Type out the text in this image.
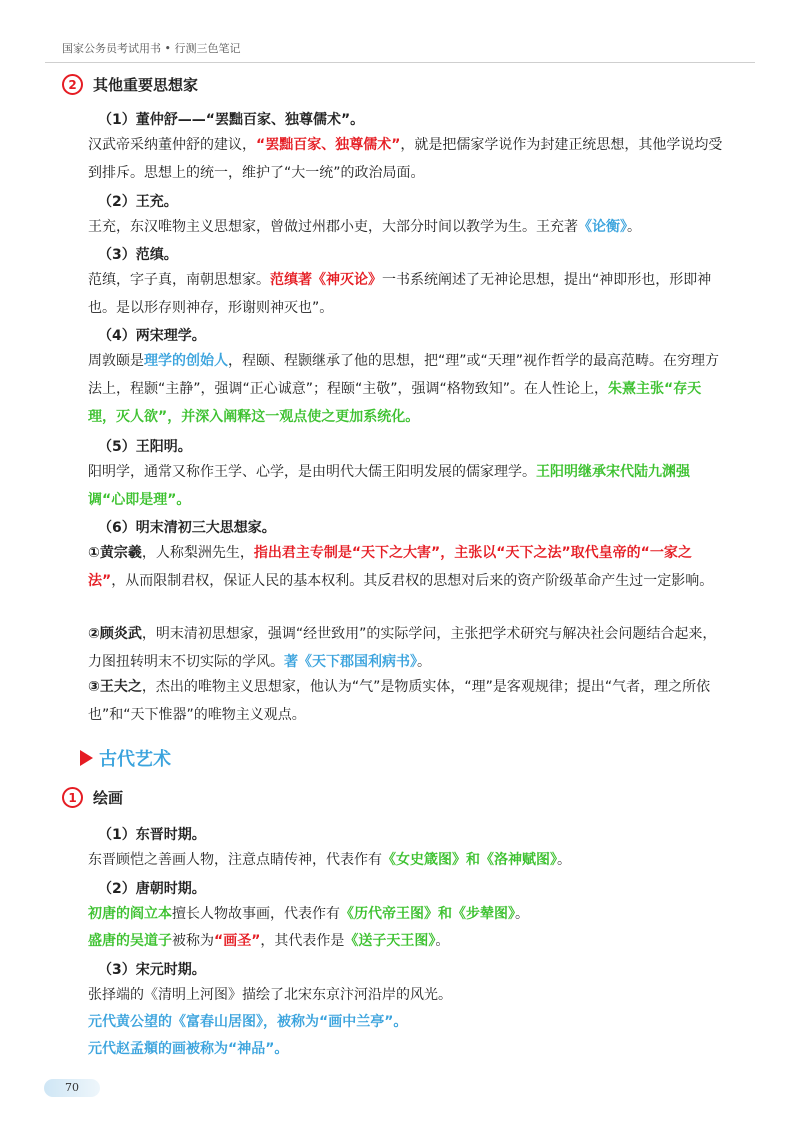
国家公务员考试用书 • 行测三色笔记
2	其他重要思想家
（1）董仲舒——“罢黜百家、独尊儒术”。
汉武帝采纳董仲舒的建议，“罢黜百家、独尊儒术”，就是把儒家学说作为封建正统思想，其他学说均受到排斥。思想上的统一，维护了“大一统”的政治局面。
（2）王充。
王充，东汉唯物主义思想家，曾做过州郡小吏，大部分时间以教学为生。王充著《论衡》。
（3）范缜。
范缜，字子真，南朝思想家。范缜著《神灭论》一书系统阐述了无神论思想，提出“神即形也，形即神也。是以形存则神存，形谢则神灭也”。
（4）两宋理学。
周敦颐是理学的创始人，程颐、程颢继承了他的思想，把“理”或“天理”视作哲学的最高范畴。在穷理方法上，程颢“主静”，强调“正心诚意”；程颐“主敬”，强调“格物致知”。在人性论上，朱熹主张“存天理，灭人欲”，并深入阐释这一观点使之更加系统化。
（5）王阳明。
阳明学，通常又称作王学、心学，是由明代大儒王阳明发展的儒家理学。王阳明继承宋代陆九渊强调“心即是理”。
（6）明末清初三大思想家。
①黄宗羲，人称梨洲先生，指出君主专制是“天下之大害”，主张以“天下之法”取代皇帝的“一家之法”，从而限制君权，保证人民的基本权利。其反君权的思想对后来的资产阶级革命产生过一定影响。
②顾炎武，明末清初思想家，强调“经世致用”的实际学问，主张把学术研究与解决社会问题结合起来，力图扭转明末不切实际的学风。著《天下郡国利病书》。
③王夫之，杰出的唯物主义思想家，他认为“气”是物质实体，“理”是客观规律；提出“气者，理之所依也”和“天下惟器”的唯物主义观点。
古代艺术
1	绘画
（1）东晋时期。
东晋顾恺之善画人物，注意点睛传神，代表作有《女史箴图》和《洛神赋图》。
（2）唐朝时期。
初唐的阎立本擅长人物故事画，代表作有《历代帝王图》和《步辇图》。
盛唐的吴道子被称为“画圣”，其代表作是《送子天王图》。
（3）宋元时期。
张择端的《清明上河图》描绘了北宋东京汴河沿岸的风光。
元代黄公望的《富春山居图》，被称为“画中兰亭”。
元代赵孟頫的画被称为“神品”。
70
